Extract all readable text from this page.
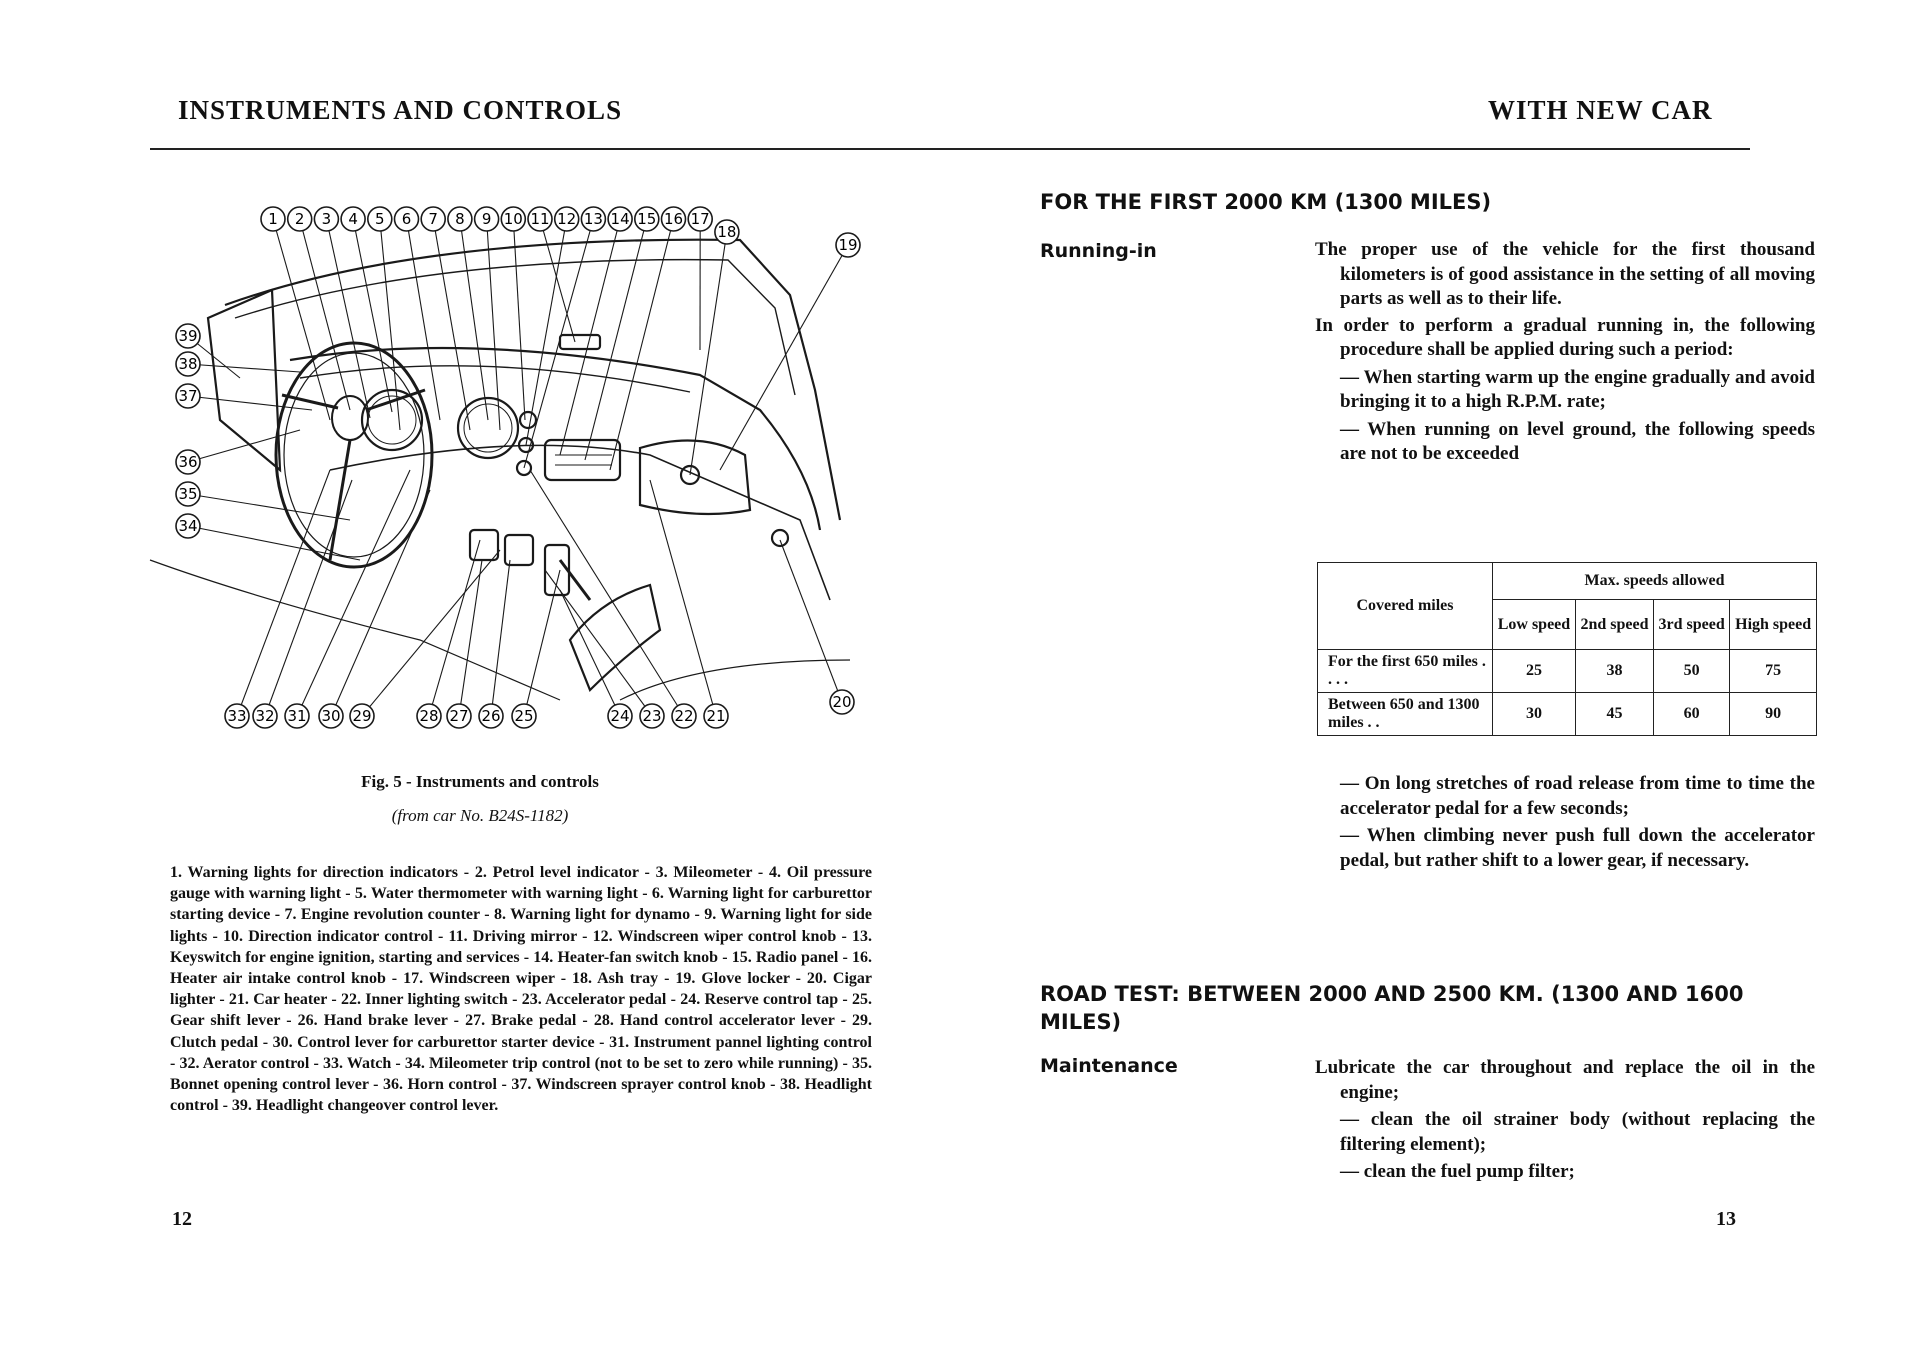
INSTRUMENTS AND CONTROLS
1 2 3 4 5 6 7 8 9 10 11 12 13 14 15 16 17
18
19
39
38
37
36
35
34
33 32 31 30 29	28 27 26 25	24 23 22 21
20
Fig. 5 - Instruments and controls
(from car No. B24S-1182)
1. Warning lights for direction indicators - 2. Petrol level indicator - 3. Mileometer - 4. Oil pressure gauge with warning light - 5. Water thermometer with warning light - 6. Warning light for carburettor starting device - 7. Engine revolution counter - 8. Warning light for dynamo - 9. Warning light for side lights - 10. Direction indicator control - 11. Driving mirror - 12. Windscreen wiper control knob - 13. Keyswitch for engine ignition, starting and services - 14. Heater-fan switch knob - 15. Radio panel - 16. Heater air intake control knob - 17. Windscreen wiper - 18. Ash tray - 19. Glove locker - 20. Cigar lighter - 21. Car heater - 22. Inner lighting switch - 23. Accelerator pedal - 24. Reserve control tap - 25. Gear shift lever - 26. Hand brake lever - 27. Brake pedal - 28. Hand control accelerator lever - 29. Clutch pedal - 30. Control lever for carburettor starter device - 31. Instrument pannel lighting control - 32. Aerator control - 33. Watch - 34. Mileometer trip control (not to be set to zero while running) - 35. Bonnet opening control lever - 36. Horn control - 37. Windscreen sprayer control knob - 38. Headlight control - 39. Headlight changeover control lever.
12
WITH NEW CAR
FOR THE FIRST 2000 KM (1300 MILES)
Running-in	The proper use of the vehicle for the first thousand kilometers is of good assistance in the setting of all moving parts as well as to their life.

In order to perform a gradual running in, the following procedure shall be applied during such a period:

— When starting warm up the engine gradually and avoid bringing it to a high R.P.M. rate;

— When running on level ground, the following speeds are not to be exceeded

Covered miles	Max. speeds allowed			
	Low speed	2nd speed	3rd speed	High speed
For the first 650 miles . . . .	25	38	50	75
Between 650 and 1300 miles . .	30	45	60	90

— On long stretches of road release from time to time the accelerator pedal for a few seconds;

— When climbing never push full down the accelerator pedal, but rather shift to a lower gear, if necessary.

ROAD TEST: BETWEEN 2000 AND 2500 KM. (1300 AND 1600 MILES)
Maintenance	Lubricate the car throughout and replace the oil in the engine;

— clean the oil strainer body (without replacing the filtering element);

— clean the fuel pump filter;

13
